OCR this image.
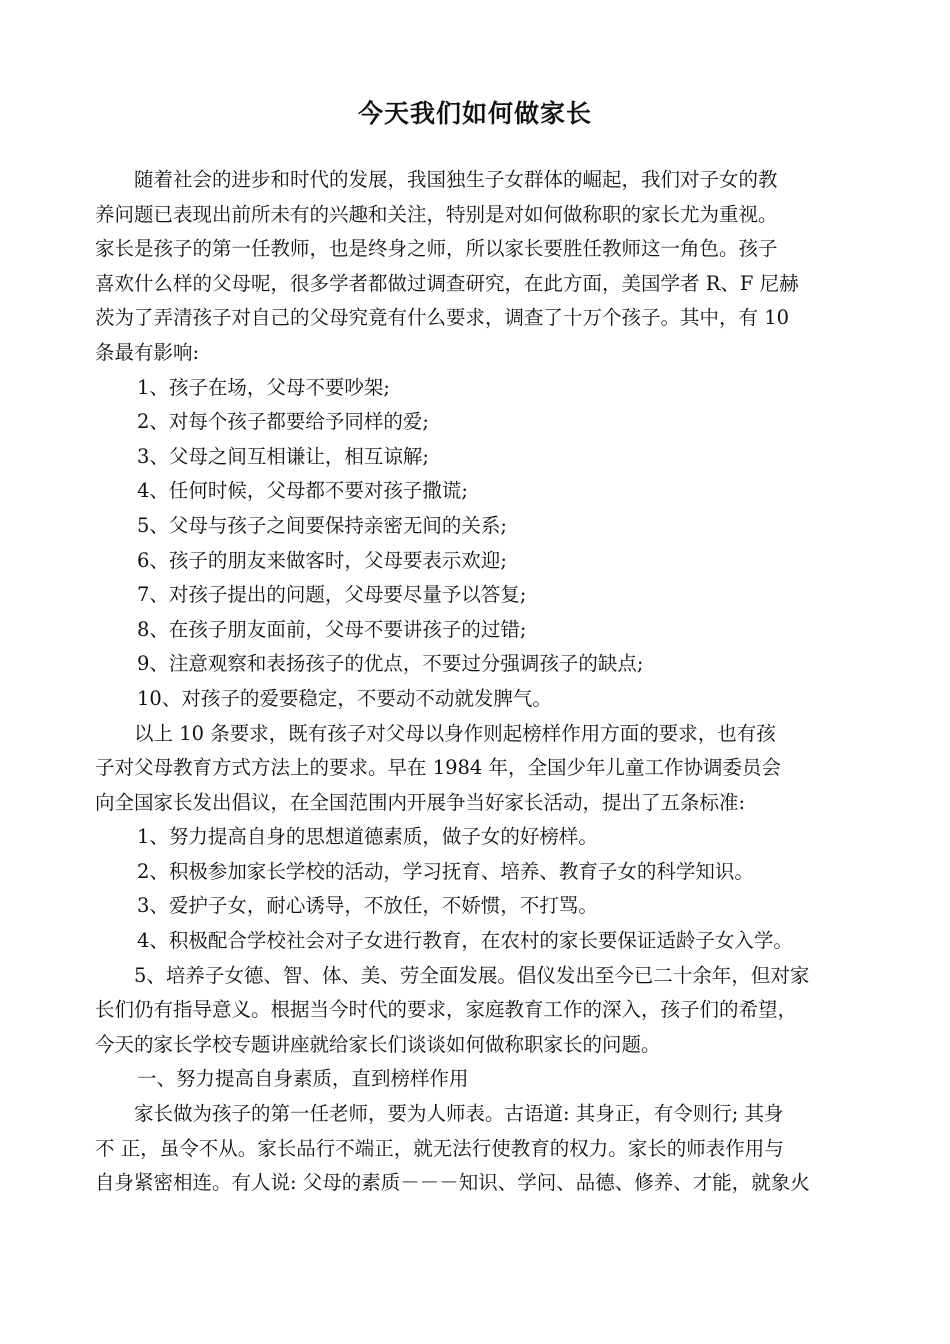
今天我们如何做家长
随着社会的进步和时代的发展，我国独生子女群体的崛起，我们对子女的教
养问题已表现出前所未有的兴趣和关注，特别是对如何做称职的家长尤为重视。
家长是孩子的第一任教师，也是终身之师，所以家长要胜任教师这一角色。孩子
喜欢什么样的父母呢，很多学者都做过调查研究，在此方面，美国学者 R、F 尼赫
茨为了弄清孩子对自己的父母究竟有什么要求，调查了十万个孩子。其中，有 10
条最有影响:
1、孩子在场，父母不要吵架;
2、对每个孩子都要给予同样的爱;
3、父母之间互相谦让，相互谅解;
4、任何时候，父母都不要对孩子撒谎;
5、父母与孩子之间要保持亲密无间的关系;
6、孩子的朋友来做客时，父母要表示欢迎;
7、对孩子提出的问题，父母要尽量予以答复;
8、在孩子朋友面前，父母不要讲孩子的过错;
9、注意观察和表扬孩子的优点，不要过分强调孩子的缺点;
10、对孩子的爱要稳定，不要动不动就发脾气。
以上 10 条要求，既有孩子对父母以身作则起榜样作用方面的要求，也有孩
子对父母教育方式方法上的要求。早在 1984 年，全国少年儿童工作协调委员会
向全国家长发出倡议，在全国范围内开展争当好家长活动，提出了五条标准:
1、努力提高自身的思想道德素质，做子女的好榜样。
2、积极参加家长学校的活动，学习抚育、培养、教育子女的科学知识。
3、爱护子女，耐心诱导，不放任，不娇惯，不打骂。
4、积极配合学校社会对子女进行教育，在农村的家长要保证适龄子女入学。
5、培养子女德、智、体、美、劳全面发展。倡仪发出至今已二十余年，但对家
长们仍有指导意义。根据当今时代的要求，家庭教育工作的深入，孩子们的希望，
今天的家长学校专题讲座就给家长们谈谈如何做称职家长的问题。
一、努力提高自身素质，直到榜样作用
家长做为孩子的第一任老师，要为人师表。古语道: 其身正，有令则行; 其身
不 正，虽令不从。家长品行不端正，就无法行使教育的权力。家长的师表作用与
自身紧密相连。有人说: 父母的素质－－－知识、学问、品德、修养、才能，就象火
